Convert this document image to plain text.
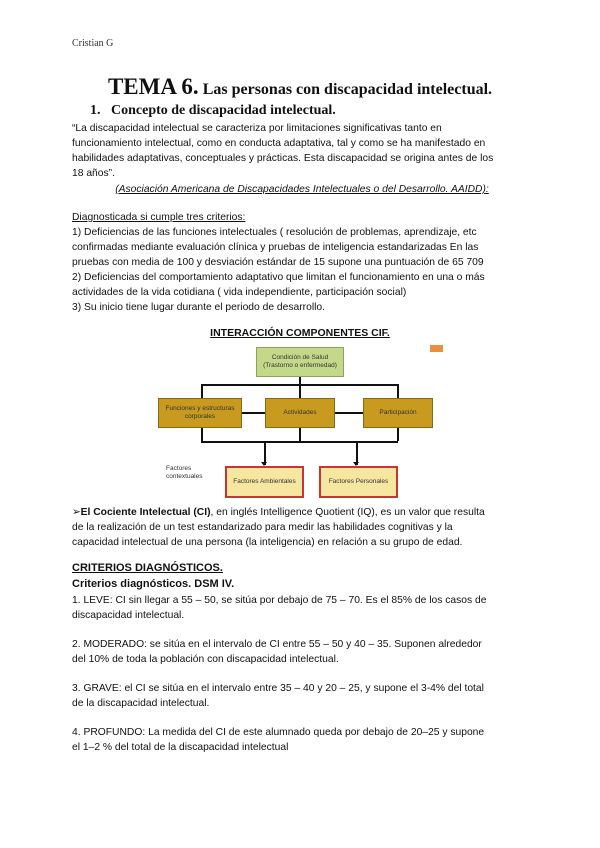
Cristian G
TEMA 6. Las personas con discapacidad intelectual.
1.   Concepto de discapacidad intelectual.
“La discapacidad intelectual se caracteriza por limitaciones significativas tanto en
funcionamiento intelectual, como en conducta adaptativa, tal y como se ha manifestado en
habilidades adaptativas, conceptuales y prácticas. Esta discapacidad se origina antes de los
18 años”.
(Asociación Americana de Discapacidades Intelectuales o del Desarrollo. AAIDD):
Diagnosticada si cumple tres criterios:
1) Deficiencias de las funciones intelectuales ( resolución de problemas, aprendizaje, etc
confirmadas mediante evaluación clínica y pruebas de inteligencia estandarizadas En las
pruebas con media de 100 y desviación estándar de 15 supone una puntuación de 65 709
2) Deficiencias del comportamiento adaptativo que limitan el funcionamiento en una o más
actividades de la vida cotidiana ( vida independiente, participación social)
3) Su inicio tiene lugar durante el periodo de desarrollo.
INTERACCIÓN COMPONENTES CIF.
Condición de Salud
(Trastorno o enfermedad)
Funciones y estructuras
corporales
Actividades	Participación
Factores
contextuales
Factores Ambientales	Factores Personales
➢El Cociente Intelectual (CI), en inglés Intelligence Quotient (IQ), es un valor que resulta
de la realización de un test estandarizado para medir las habilidades cognitivas y la
capacidad intelectual de una persona (la inteligencia) en relación a su grupo de edad.
CRITERIOS DIAGNÓSTICOS.
Criterios diagnósticos. DSM IV.
1. LEVE: CI sin llegar a 55 – 50, se sitúa por debajo de 75 – 70. Es el 85% de los casos de
discapacidad intelectual.
2. MODERADO: se sitúa en el intervalo de CI entre 55 – 50 y 40 – 35. Suponen alrededor
del 10% de toda la población con discapacidad intelectual.
3. GRAVE: el CI se sitúa en el intervalo entre 35 – 40 y 20 – 25, y supone el 3-4% del total
de la discapacidad intelectual.
4. PROFUNDO: La medida del CI de este alumnado queda por debajo de 20–25 y supone
el 1–2 % del total de la discapacidad intelectual
